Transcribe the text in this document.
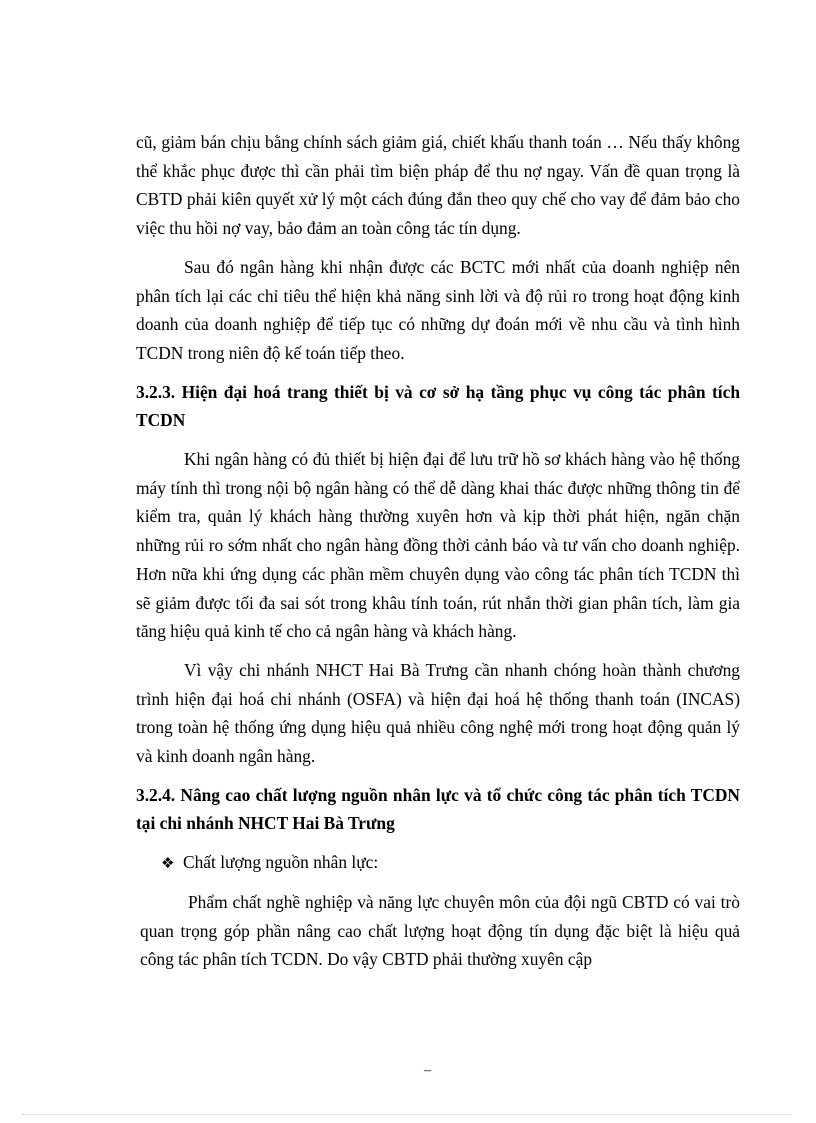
cũ, giảm bán chịu bằng chính sách giảm giá, chiết khấu thanh toán … Nếu thấy không thể khắc phục được thì cần phải tìm biện pháp để thu nợ ngay. Vấn đề quan trọng là CBTD phải kiên quyết xử lý một cách đúng đắn theo quy chế cho vay để đảm bảo cho việc thu hồi nợ vay, bảo đảm an toàn công tác tín dụng.

Sau đó ngân hàng khi nhận được các BCTC mới nhất của doanh nghiệp nên phân tích lại các chỉ tiêu thể hiện khả năng sinh lời và độ rủi ro trong hoạt động kinh doanh của doanh nghiệp để tiếp tục có những dự đoán mới về nhu cầu và tình hình TCDN trong niên độ kế toán tiếp theo.

3.2.3. Hiện đại hoá trang thiết bị và cơ sở hạ tầng phục vụ công tác phân tích TCDN

Khi ngân hàng có đủ thiết bị hiện đại để lưu trữ hồ sơ khách hàng vào hệ thống máy tính thì trong nội bộ ngân hàng có thể dễ dàng khai thác được những thông tin để kiểm tra, quản lý khách hàng thường xuyên hơn và kịp thời phát hiện, ngăn chặn những rủi ro sớm nhất cho ngân hàng đồng thời cảnh báo và tư vấn cho doanh nghiệp. Hơn nữa khi ứng dụng các phần mềm chuyên dụng vào công tác phân tích TCDN thì sẽ giảm được tối đa sai sót trong khâu tính toán, rút nhắn thời gian phân tích, làm gia tăng hiệu quả kinh tế cho cả ngân hàng và khách hàng.

Vì vậy chi nhánh NHCT Hai Bà Trưng cần nhanh chóng hoàn thành chương trình hiện đại hoá chi nhánh (OSFA) và hiện đại hoá hệ thống thanh toán (INCAS) trong toàn hệ thống ứng dụng hiệu quả nhiều công nghệ mới trong hoạt động quản lý và kinh doanh ngân hàng.

3.2.4. Nâng cao chất lượng nguồn nhân lực và tổ chức công tác phân tích TCDN tại chi nhánh NHCT Hai Bà Trưng

❖ Chất lượng nguồn nhân lực:

Phẩm chất nghề nghiệp và năng lực chuyên môn của đội ngũ CBTD có vai trò quan trọng góp phần nâng cao chất lượng hoạt động tín dụng đặc biệt là hiệu quả công tác phân tích TCDN. Do vậy CBTD phải thường xuyên cập

–
